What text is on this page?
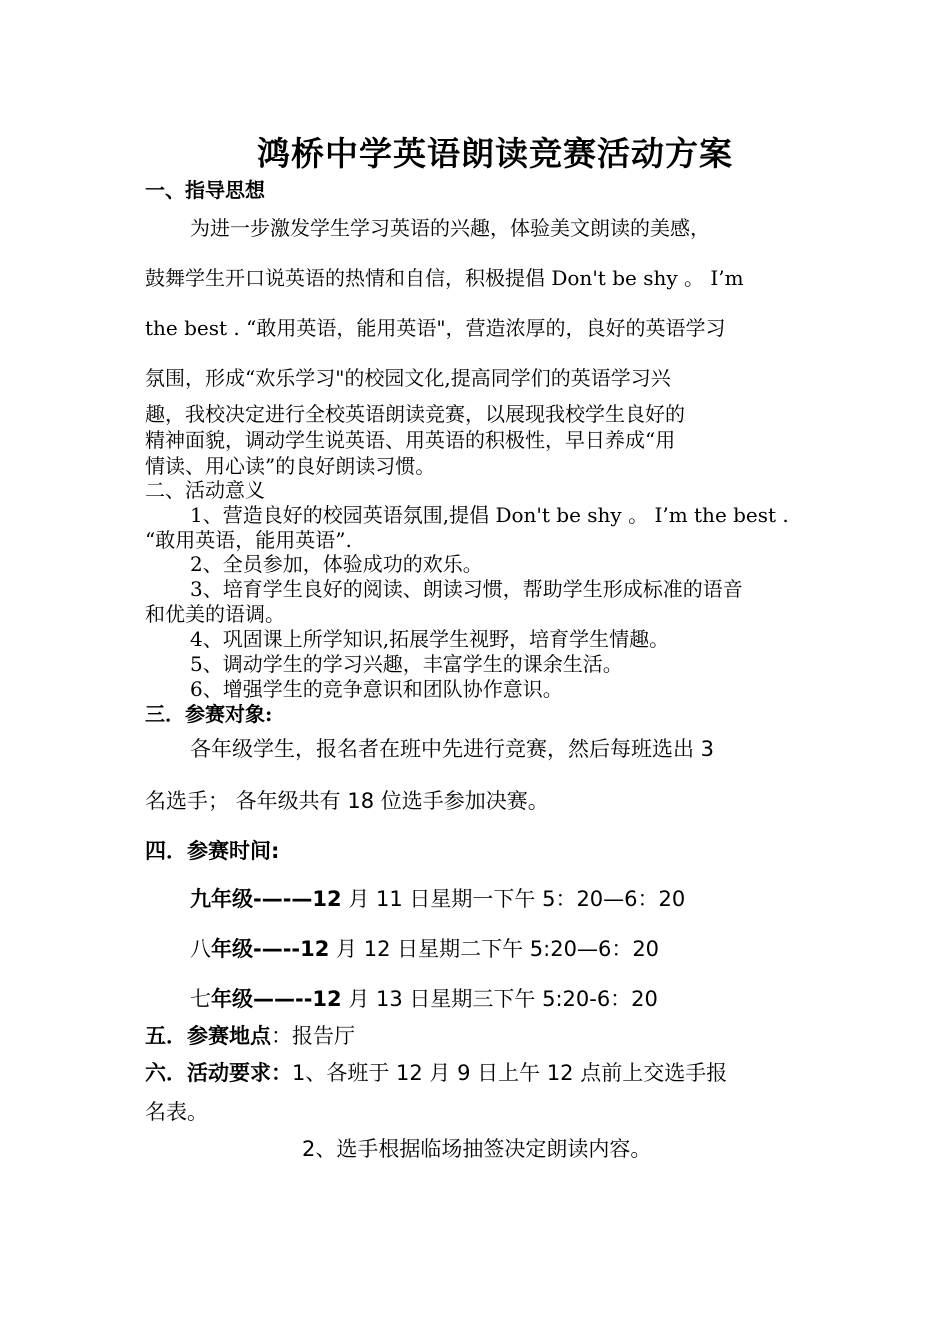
鸿桥中学英语朗读竞赛活动方案
一、指导思想
为进一步激发学生学习英语的兴趣，体验美文朗读的美感，
鼓舞学生开口说英语的热情和自信，积极提倡 Don't be shy 。 I’m
the best . “敢用英语，能用英语"，营造浓厚的，良好的英语学习
氛围，形成“欢乐学习"的校园文化,提高同学们的英语学习兴
趣，我校决定进行全校英语朗读竞赛，以展现我校学生良好的
精神面貌，调动学生说英语、用英语的积极性，早日养成“用
情读、用心读”的良好朗读习惯。
二、活动意义
1、营造良好的校园英语氛围,提倡 Don't be shy 。 I’m the best .
“敢用英语，能用英语”.
2、全员参加，体验成功的欢乐。
3、培育学生良好的阅读、朗读习惯，帮助学生形成标准的语音
和优美的语调。
4、巩固课上所学知识,拓展学生视野，培育学生情趣。
5、调动学生的学习兴趣，丰富学生的课余生活。
6、增强学生的竞争意识和团队协作意识。
三．参赛对象:
各年级学生，报名者在班中先进行竞赛，然后每班选出 3
名选手； 各年级共有 18 位选手参加决赛。
四．参赛时间:
九年级-—-—12 月 11 日星期一下午 5：20—6：20
八年级-—--12 月 12 日星期二下午 5:20—6：20
七年级——--12 月 13 日星期三下午 5:20-6：20
五．参赛地点：报告厅
六．活动要求：1、各班于 12 月 9 日上午 12 点前上交选手报
名表。
2、选手根据临场抽签决定朗读内容。
